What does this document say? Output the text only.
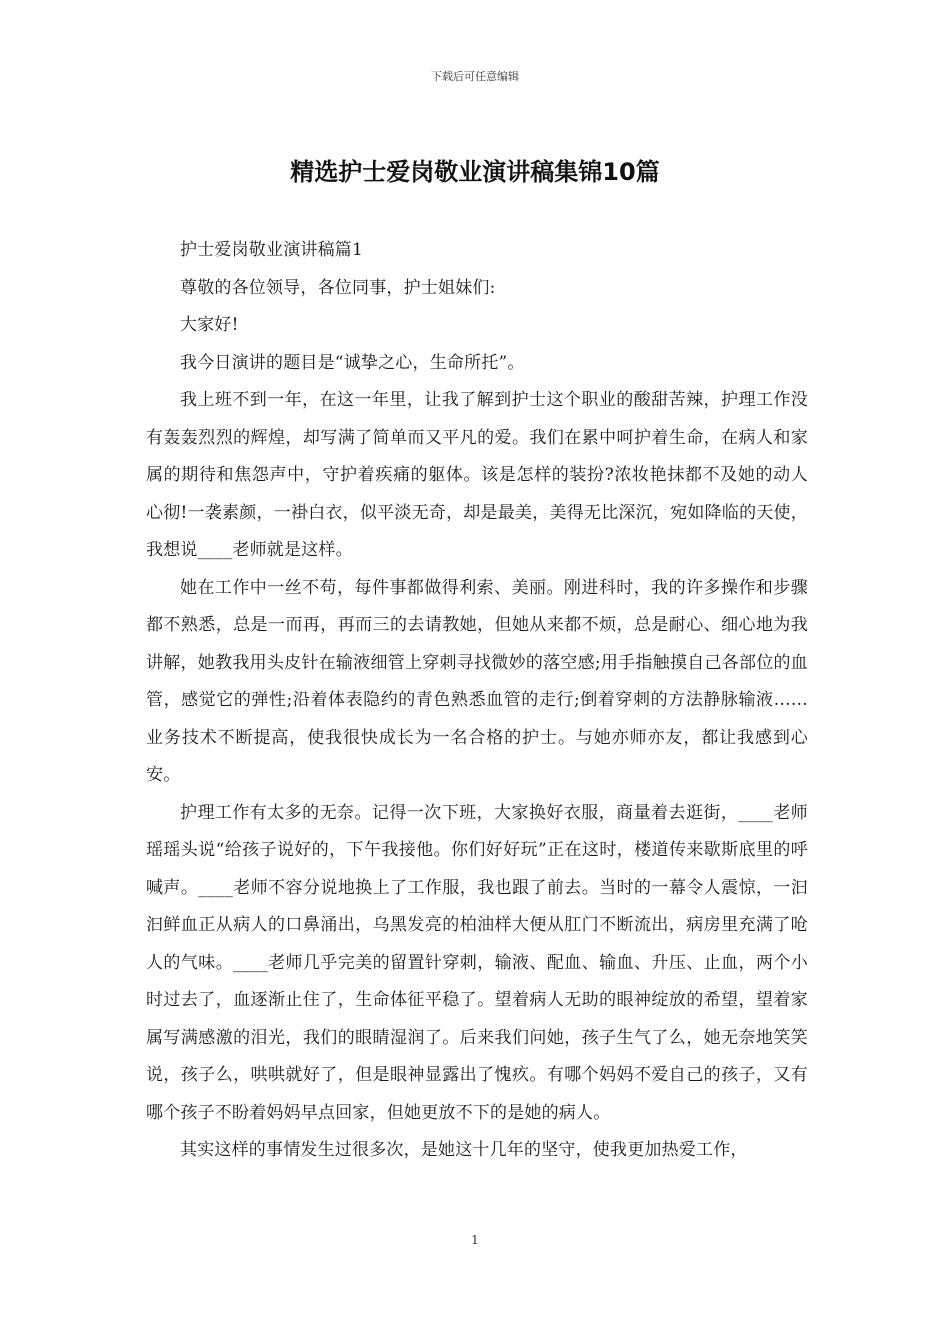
下载后可任意编辑
精选护士爱岗敬业演讲稿集锦10篇

护士爱岗敬业演讲稿篇1

尊敬的各位领导，各位同事，护士姐妹们:

大家好!

我今日演讲的题目是“诚挚之心，生命所托”。

我上班不到一年，在这一年里，让我了解到护士这个职业的酸甜苦辣，护理工作没有轰轰烈烈的辉煌，却写满了简单而又平凡的爱。我们在累中呵护着生命，在病人和家属的期待和焦怨声中，守护着疾痛的躯体。该是怎样的装扮?浓妆艳抹都不及她的动人心彻!一袭素颜，一褂白衣，似平淡无奇，却是最美，美得无比深沉，宛如降临的天使，我想说____老师就是这样。

她在工作中一丝不苟，每件事都做得利索、美丽。刚进科时，我的许多操作和步骤都不熟悉，总是一而再，再而三的去请教她，但她从来都不烦，总是耐心、细心地为我讲解，她教我用头皮针在输液细管上穿刺寻找微妙的落空感;用手指触摸自己各部位的血管，感觉它的弹性;沿着体表隐约的青色熟悉血管的走行;倒着穿刺的方法静脉输液……业务技术不断提高，使我很快成长为一名合格的护士。与她亦师亦友，都让我感到心安。

护理工作有太多的无奈。记得一次下班，大家换好衣服，商量着去逛街，____老师瑶瑶头说“给孩子说好的，下午我接他。你们好好玩”正在这时，楼道传来歇斯底里的呼喊声。____老师不容分说地换上了工作服，我也跟了前去。当时的一幕令人震惊，一汩汩鲜血正从病人的口鼻涌出，乌黑发亮的柏油样大便从肛门不断流出，病房里充满了呛人的气味。____老师几乎完美的留置针穿刺，输液、配血、输血、升压、止血，两个小时过去了，血逐渐止住了，生命体征平稳了。望着病人无助的眼神绽放的希望，望着家属写满感激的泪光，我们的眼睛湿润了。后来我们问她，孩子生气了么，她无奈地笑笑说，孩子么，哄哄就好了，但是眼神显露出了愧疚。有哪个妈妈不爱自己的孩子，又有哪个孩子不盼着妈妈早点回家，但她更放不下的是她的病人。

其实这样的事情发生过很多次，是她这十几年的坚守，使我更加热爱工作，

1
